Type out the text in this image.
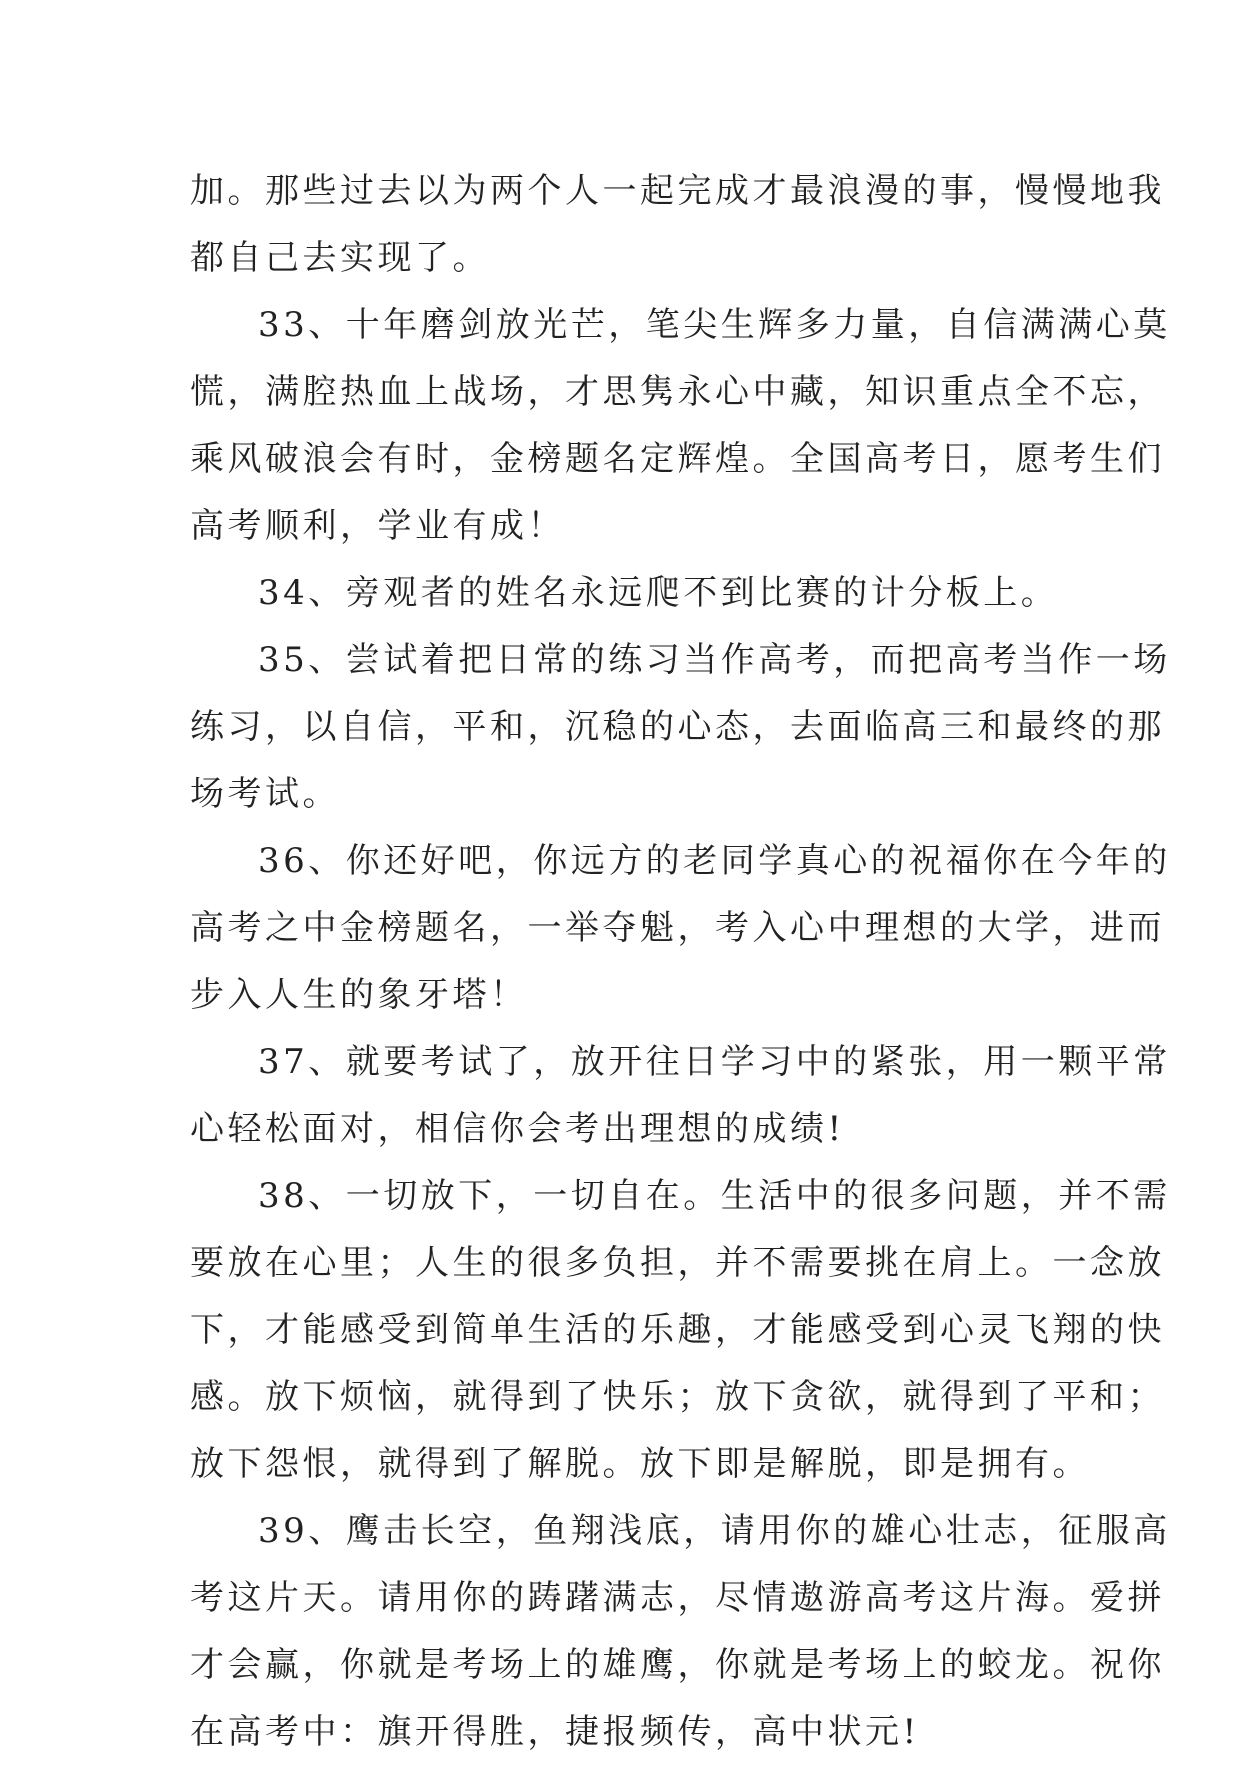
加。那些过去以为两个人一起完成才最浪漫的事，慢慢地我
都自己去实现了。
33、十年磨剑放光芒，笔尖生辉多力量，自信满满心莫
慌，满腔热血上战场，才思隽永心中藏，知识重点全不忘，
乘风破浪会有时，金榜题名定辉煌。全国高考日，愿考生们
高考顺利，学业有成！
34、旁观者的姓名永远爬不到比赛的计分板上。
35、尝试着把日常的练习当作高考，而把高考当作一场
练习，以自信，平和，沉稳的心态，去面临高三和最终的那
场考试。
36、你还好吧，你远方的老同学真心的祝福你在今年的
高考之中金榜题名，一举夺魁，考入心中理想的大学，进而
步入人生的象牙塔！
37、就要考试了，放开往日学习中的紧张，用一颗平常
心轻松面对，相信你会考出理想的成绩!
38、一切放下，一切自在。生活中的很多问题，并不需
要放在心里；人生的很多负担，并不需要挑在肩上。一念放
下，才能感受到简单生活的乐趣，才能感受到心灵飞翔的快
感。放下烦恼，就得到了快乐；放下贪欲，就得到了平和；
放下怨恨，就得到了解脱。放下即是解脱，即是拥有。
39、鹰击长空，鱼翔浅底，请用你的雄心壮志，征服高
考这片天。请用你的踌躇满志，尽情遨游高考这片海。爱拼
才会赢，你就是考场上的雄鹰，你就是考场上的蛟龙。祝你
在高考中：旗开得胜，捷报频传，高中状元!
